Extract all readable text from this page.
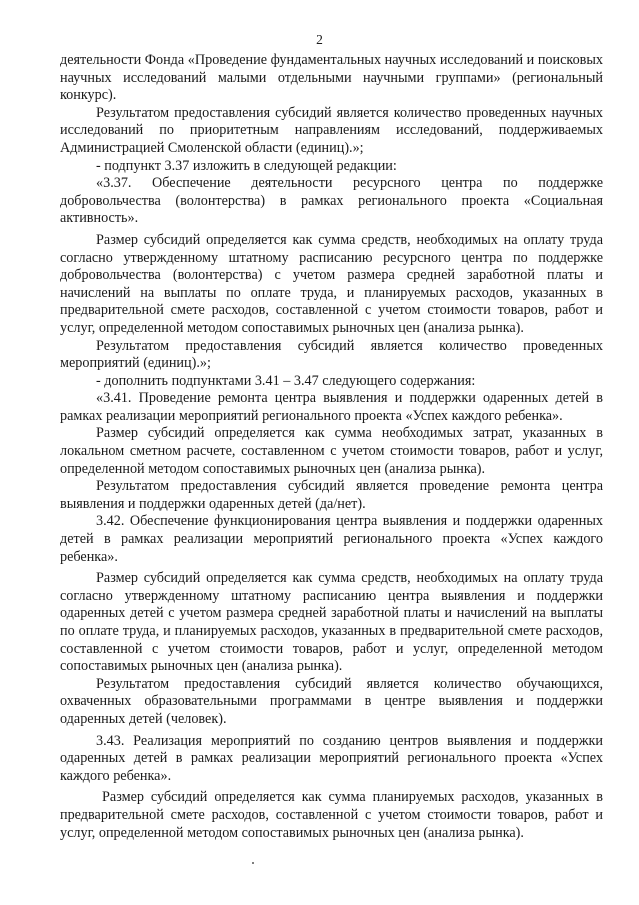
2

деятельности Фонда «Проведение фундаментальных научных исследований и поисковых научных исследований малыми отдельными научными группами» (региональный конкурс).

Результатом предоставления субсидий является количество проведенных научных исследований по приоритетным направлениям исследований, поддерживаемых Администрацией Смоленской области (единиц).»;

- подпункт 3.37 изложить в следующей редакции:

«3.37. Обеспечение деятельности ресурсного центра по поддержке добровольчества (волонтерства) в рамках регионального проекта «Социальная активность».

Размер субсидий определяется как сумма средств, необходимых на оплату труда согласно утвержденному штатному расписанию ресурсного центра по поддержке добровольчества (волонтерства) с учетом размера средней заработной платы и начислений на выплаты по оплате труда, и планируемых расходов, указанных в предварительной смете расходов, составленной с учетом стоимости товаров, работ и услуг, определенной методом сопоставимых рыночных цен (анализа рынка).

Результатом предоставления субсидий является количество проведенных мероприятий (единиц).»;

- дополнить подпунктами 3.41 – 3.47 следующего содержания:

«3.41. Проведение ремонта центра выявления и поддержки одаренных детей в рамках реализации мероприятий регионального проекта «Успех каждого ребенка».

Размер субсидий определяется как сумма необходимых затрат, указанных в локальном сметном расчете, составленном с учетом стоимости товаров, работ и услуг, определенной методом сопоставимых рыночных цен (анализа рынка).

Результатом предоставления субсидий является проведение ремонта центра выявления и поддержки одаренных детей (да/нет).

3.42. Обеспечение функционирования центра выявления и поддержки одаренных детей в рамках реализации мероприятий регионального проекта «Успех каждого ребенка».

Размер субсидий определяется как сумма средств, необходимых на оплату труда согласно утвержденному штатному расписанию центра выявления и поддержки одаренных детей с учетом размера средней заработной платы и начислений на выплаты по оплате труда, и планируемых расходов, указанных в предварительной смете расходов, составленной с учетом стоимости товаров, работ и услуг, определенной методом сопоставимых рыночных цен (анализа рынка).

Результатом предоставления субсидий является количество обучающихся, охваченных образовательными программами в центре выявления и поддержки одаренных детей (человек).

3.43. Реализация мероприятий по созданию центров выявления и поддержки одаренных детей в рамках реализации мероприятий регионального проекта «Успех каждого ребенка».

Размер субсидий определяется как сумма планируемых расходов, указанных в предварительной смете расходов, составленной с учетом стоимости товаров, работ и услуг, определенной методом сопоставимых рыночных цен (анализа рынка).
